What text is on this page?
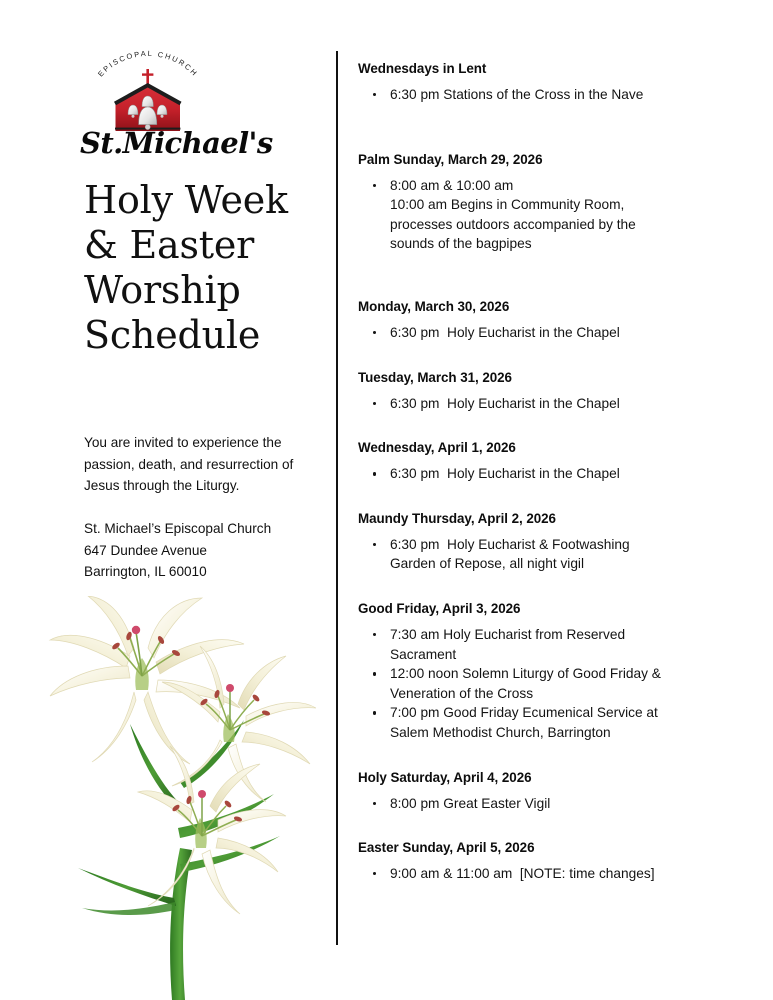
EPISCOPAL CHURCH
St.Michael's
Holy Week
& Easter
Worship
Schedule
You are invited to experience the passion, death, and resurrection of Jesus through the Liturgy.
St. Michael’s Episcopal Church
647 Dundee Avenue
Barrington, IL 60010
Wednesdays in Lent
6:30 pm Stations of the Cross in the Nave
Palm Sunday, March 29, 2026
8:00 am & 10:00 am
10:00 am Begins in Community Room,
processes outdoors accompanied by the
sounds of the bagpipes
Monday, March 30, 2026
6:30 pm  Holy Eucharist in the Chapel
Tuesday, March 31, 2026
6:30 pm  Holy Eucharist in the Chapel
Wednesday, April 1, 2026
6:30 pm  Holy Eucharist in the Chapel
Maundy Thursday, April 2, 2026
6:30 pm  Holy Eucharist & Footwashing
Garden of Repose, all night vigil
Good Friday, April 3, 2026
7:30 am Holy Eucharist from Reserved
Sacrament
12:00 noon Solemn Liturgy of Good Friday &
Veneration of the Cross
7:00 pm Good Friday Ecumenical Service at
Salem Methodist Church, Barrington
Holy Saturday, April 4, 2026
8:00 pm Great Easter Vigil
Easter Sunday, April 5, 2026
9:00 am & 11:00 am  [NOTE: time changes]
